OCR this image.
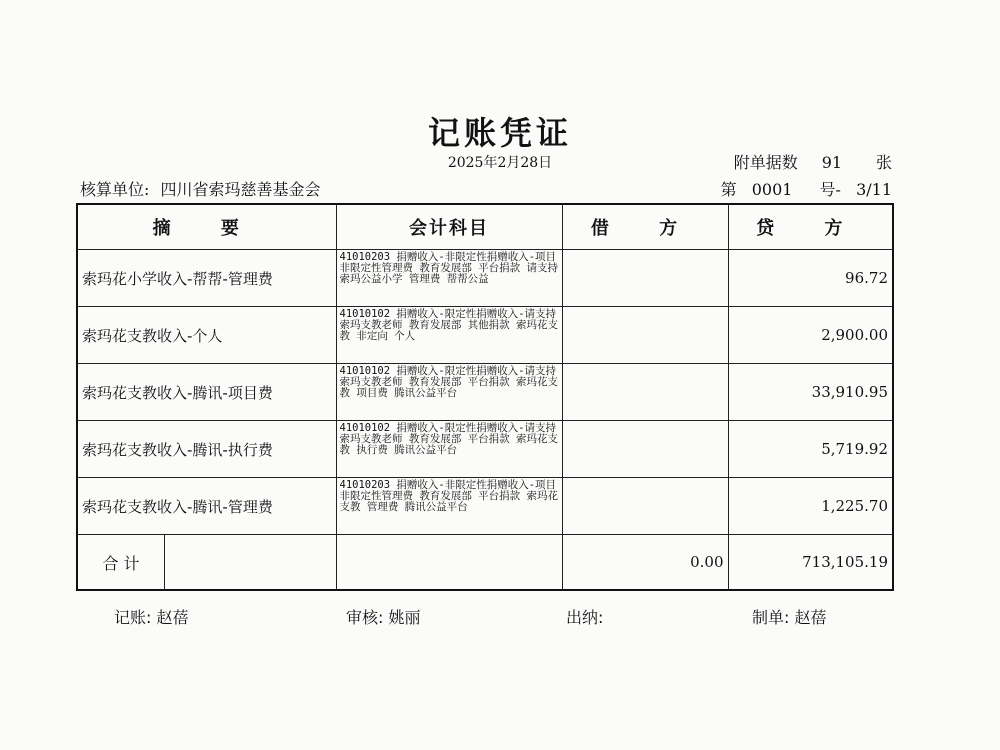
记账凭证
2025年2月28日	附单据数 91 张
核算单位: 四川省索玛慈善基金会	第 0001 号- 3/11
摘 要	会计科目	借 方	贷 方
索玛花小学收入-帮帮-管理费	41010203 捐赠收入-非限定性捐赠收入-项目非限定性管理费 教育发展部 平台捐款 请支持索玛公益小学 管理费 帮帮公益		96.72
索玛花支教收入-个人	41010102 捐赠收入-限定性捐赠收入-请支持索玛支教老师 教育发展部 其他捐款 索玛花支教 非定向 个人		2,900.00
索玛花支教收入-腾讯-项目费	41010102 捐赠收入-限定性捐赠收入-请支持索玛支教老师 教育发展部 平台捐款 索玛花支教 项目费 腾讯公益平台		33,910.95
索玛花支教收入-腾讯-执行费	41010102 捐赠收入-限定性捐赠收入-请支持索玛支教老师 教育发展部 平台捐款 索玛花支教 执行费 腾讯公益平台		5,719.92
索玛花支教收入-腾讯-管理费	41010203 捐赠收入-非限定性捐赠收入-项目非限定性管理费 教育发展部 平台捐款 索玛花支教 管理费 腾讯公益平台		1,225.70

合 计		0.00	713,105.19
记账: 赵蓓	审核: 姚丽	出纳:	制单: 赵蓓
